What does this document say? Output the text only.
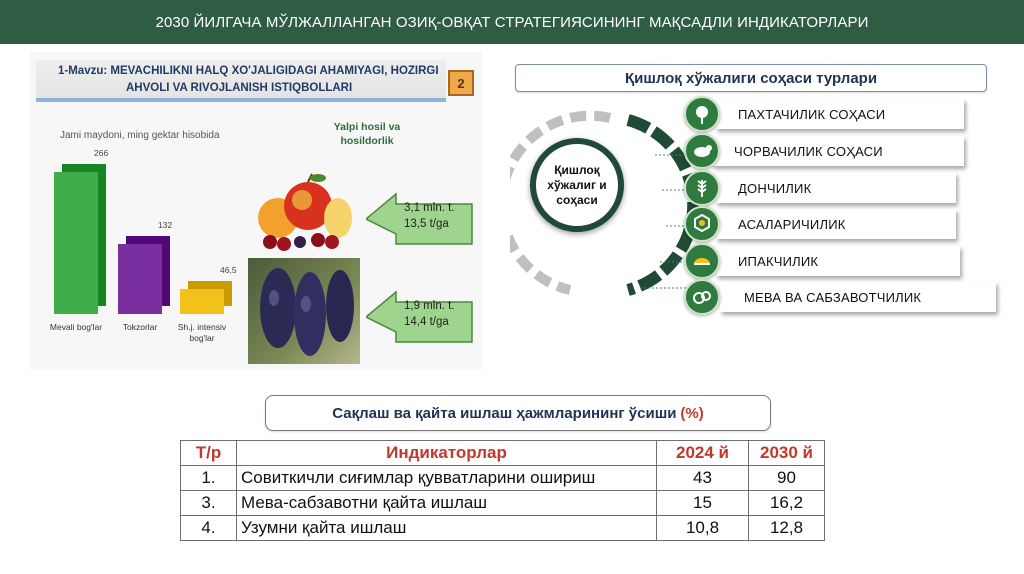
2030 ЙИЛГАЧА МЎЛЖАЛЛАНГАН ОЗИҚ-ОВҚАТ СТРАТЕГИЯСИНИНГ МАҚСАДЛИ ИНДИКАТОРЛАРИ
1-Mavzu: MEVACHILIKNI HALQ XO'JALIGIDAGI AHAMIYAGI, HOZIRGI
AHVOLI VA RIVOJLANISH ISTIQBOLLARI	2
Jami maydoni, ming gektar hisobida
Yalpi hosil va hosildorlik
266
Mevali bog'lar
132
Tokzorlar
46,5
Sh.j. intensiv bog'lar
3,1 mln. t.
13,5 t/ga
1,9 mln. t.
14,4 t/ga
Қишлоқ хўжалиги соҳаси турлари
Қишлоқ хўжалиг и соҳаси
ПАХТАЧИЛИК СОҲАСИ
ЧОРВАЧИЛИК СОҲАСИ
ДОНЧИЛИК
АСАЛАРИЧИЛИК
ИПАКЧИЛИК
МЕВА ВА САБЗАВОТЧИЛИК
Сақлаш ва қайта ишлаш ҳажмларининг ўсиши (%)
Т/р	Индикаторлар	2024 й	2030 й
1.	Совиткичли сиғимлар қувватларини ошириш	43	90
3.	Мева-сабзавотни қайта ишлаш	15	16,2
4.	Узумни қайта ишлаш	10,8	12,8
